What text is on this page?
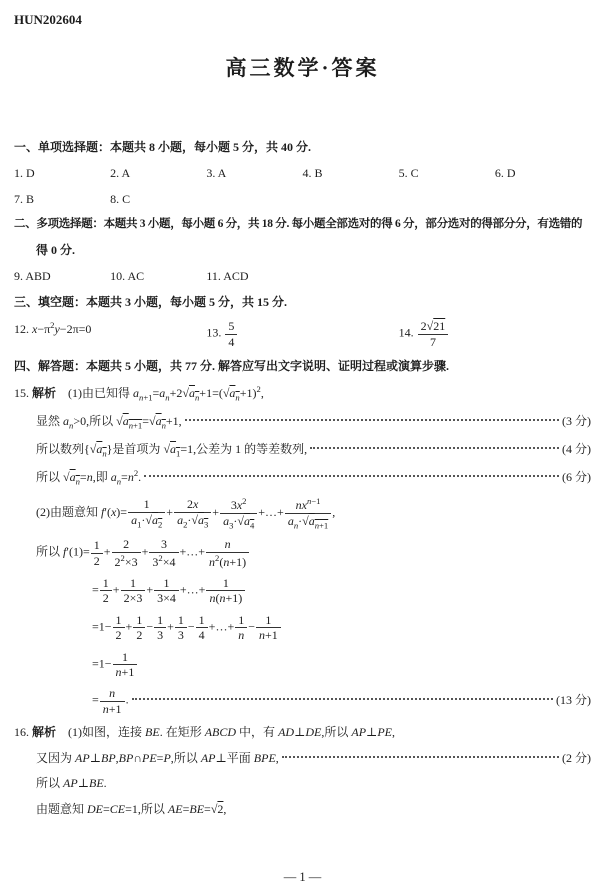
HUN202604
高三数学·答案
一、单项选择题：本题共 8 小题，每小题 5 分，共 40 分.
1. D	2. A	3. A	4. B	5. C	6. D
7. B	8. C
二、多项选择题：本题共 3 小题，每小题 6 分，共 18 分. 每小题全部选对的得 6 分，部分选对的得部分分，有选错的
得 0 分.
9. ABD	10. AC	11. ACD
三、填空题：本题共 3 小题，每小题 5 分，共 15 分.
12. $x-\pi^2y-2\pi=0$	13. $\frac{5}{4}$	14. $\frac{2√21}{7}$
四、解答题：本题共 5 小题，共 77 分. 解答应写出文字说明、证明过程或演算步骤.
15. 解析　(1)由已知得 $a_{n+1}=a_n+2√a_n+1=(√a_n+1)^2$,
显然 $a_n>0$,所以 $√a_{n+1}=√a_n+1$,	(3 分)
所以数列$\{√a_n\}$是首项为 $√a_1=1$,公差为 1 的等差数列,	(4 分)
所以 $√a_n=n$,即 $a_n=n^2$.	(6 分)
(2)由题意知 $f'(x)= \frac{1}{a_1\cdot√a_2} + \frac{2x}{a_2\cdot√a_3} + \frac{3x^2}{a_3\cdot√a_4}$ +…+ $nx^{n-1}$
$a_n\cdot√a_{n+1}$
,
所以 $f'(1)= \frac{1}{2} + \frac{2}{2^2\times 3} + \frac{3}{3^2\times 4}$ +…+ $\frac{n}{n^2(n+1)}$
= $\frac{1}{2} + \frac{1}{2\times 3} + \frac{1}{3\times 4}$ +…+ $\frac{1}{n(n+1)}$
$=1- \frac{1}{2} + \frac{1}{2} - \frac{1}{3} + \frac{1}{3} - \frac{1}{4}$ +…+ $\frac{1}{n} - \frac{1}{n+1}$
$=1- \frac{1}{n+1}$
= $\frac{n}{n+1}$ .	(13 分)
16. 解析　(1)如图，连接 BE. 在矩形 ABCD 中，有 AD⊥DE,所以 AP⊥PE,
又因为 AP⊥BP,BP∩PE=P,所以 AP⊥平面 BPE,	(2 分)
所以 AP⊥BE.
由题意知 DE=CE=1,所以 AE=BE=√2,
— 1 —
